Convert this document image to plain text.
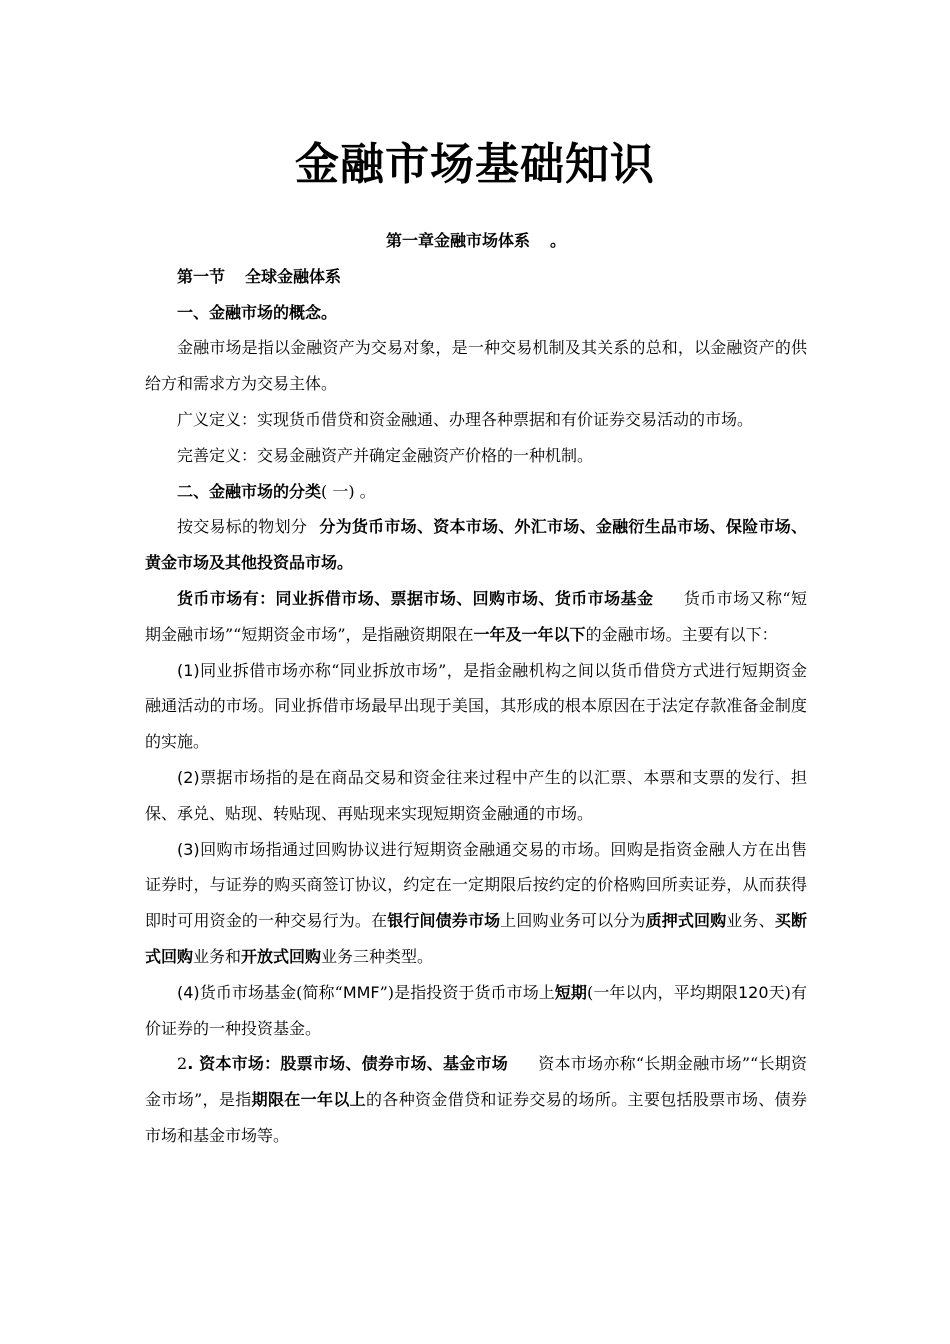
金融市场基础知识

第一章金融市场体系 。

第一节 全球金融体系

一、金融市场的概念。

金融市场是指以金融资产为交易对象，是一种交易机制及其关系的总和，以金融资产的供给方和需求方为交易主体。

广义定义：实现货币借贷和资金融通、办理各种票据和有价证券交易活动的市场。

完善定义：交易金融资产并确定金融资产价格的一种机制。

二、金融市场的分类( 一) 。

按交易标的物划分 分为货币市场、资本市场、外汇市场、金融衍生品市场、保险市场、黄金市场及其他投资品市场。

货币市场有：同业拆借市场、票据市场、回购市场、货币市场基金 货币市场又称“短期金融市场”“短期资金市场”，是指融资期限在一年及一年以下的金融市场。主要有以下：

(1)同业拆借市场亦称“同业拆放市场”，是指金融机构之间以货币借贷方式进行短期资金融通活动的市场。同业拆借市场最早出现于美国，其形成的根本原因在于法定存款准备金制度的实施。

(2)票据市场指的是在商品交易和资金往来过程中产生的以汇票、本票和支票的发行、担保、承兑、贴现、转贴现、再贴现来实现短期资金融通的市场。

(3)回购市场指通过回购协议进行短期资金融通交易的市场。回购是指资金融人方在出售证券时，与证券的购买商签订协议，约定在一定期限后按约定的价格购回所卖证券，从而获得即时可用资金的一种交易行为。在银行间债券市场上回购业务可以分为质押式回购业务、买断式回购业务和开放式回购业务三种类型。

(4)货币市场基金(简称“MMF”)是指投资于货币市场上短期(一年以内，平均期限120天)有价证券的一种投资基金。

2. 资本市场：股票市场、债券市场、基金市场 资本市场亦称“长期金融市场”“长期资金市场”，是指期限在一年以上的各种资金借贷和证券交易的场所。主要包括股票市场、债券市场和基金市场等。
